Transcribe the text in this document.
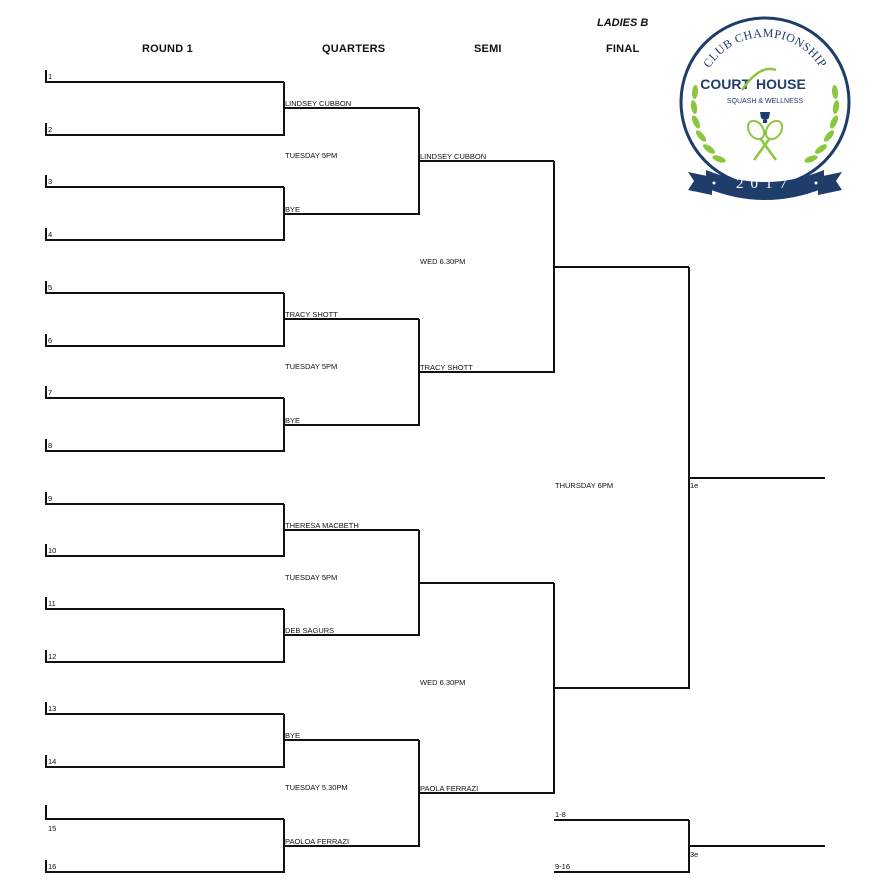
LADIES B
ROUND 1	QUARTERS	SEMI	FINAL
1
2
3
4
5
6
7
8
9
10
11
12
13
14
15
16
LINDSEY CUBBON
BYE
TRACY SHOTT
BYE
THERESA MACBETH
DEB SAGURS
BYE
PAOLOA FERRAZI
TUESDAY 5PM
TUESDAY 5PM
TUESDAY 5PM
TUESDAY 5.30PM
LINDSEY CUBBON
TRACY SHOTT
PAOLA FERRAZI
WED 6.30PM
WED 6.30PM
THURSDAY 6PM	1e
1-8
9-16
3e
CLUB CHAMPIONSHIP
COURT HOUSE
SQUASH & WELLNESS
2017
